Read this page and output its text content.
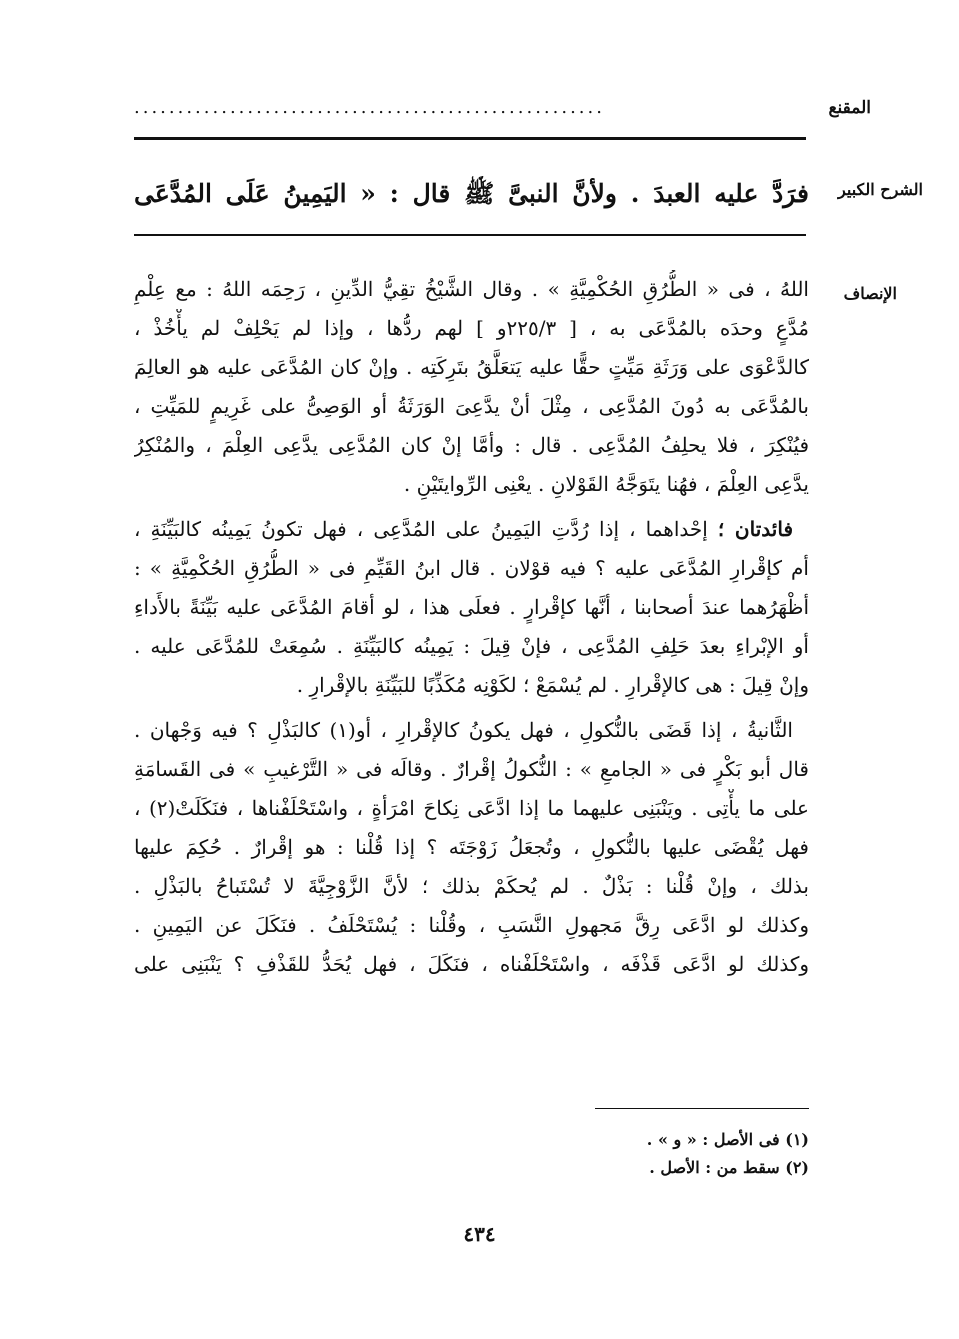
المقنع
......................................................
الشرح الكبير
فرَدَّ عليه العبدَ . ولأنَّ النبىَّ ﷺ قال : « اليَمِينُ عَلَى المُدَّعَى
الإنصاف
اللهُ ، فى « الطُّرُقِ الحُكْمِيَّةِ » . وقال الشَّيْخُ تقِيُّ الدِّينِ ، رَحِمَه اللهُ : مع عِلْمِ
مُدَّعٍ وحدَه بالمُدَّعَى به ، [ ٢٢٥/٣و ] لهم ردُّها ، وإذا لم يَحْلِفْ لم يأْخُذْ ،
كالدَّعْوَى على وَرَثَةِ مَيِّتٍ حقًّا عليه يَتعَلَّقُ بتَرِكَتِه . وإنْ كان المُدَّعَى عليه هو العالِمَ
بالمُدَّعَى به دُونَ المُدَّعِى ، مِثْلَ أنْ يدَّعِىَ الوَرَثَةُ أو الوَصِىُّ على غَرِيمٍ للمَيِّتِ ،
فيُنْكِرَ ، فلا يحلِفُ المُدَّعِى . قال : وأمَّا إنْ كان المُدَّعِى يدَّعِى العِلْمَ ، والمُنْكِرُ
يدَّعِى العِلْمَ ، فهُنا يتَوَجَّهُ القَوْلانِ . يعْنِى الرِّوايتَيْنِ .
فائدتان ؛ إحْداهما ، إذا رُدَّتِ اليَمِينُ على المُدَّعِى ، فهل تكونُ يَمِينُه كالبَيِّنَةِ ،
أم كإقْرارِ المُدَّعَى عليه ؟ فيه قوْلان . قال ابنُ القَيِّمِ فى « الطُّرُقِ الحُكْمِيَّةِ » :
أظْهَرُهما عندَ أصحابنا ، أنَّها كإقْرارٍ . فعلَى هذا ، لو أقامَ المُدَّعَى عليه بَيِّنَةً بالأَداءِ
أو الإبْراءِ بعدَ حَلِفِ المُدَّعِى ، فإنْ قِيلَ : يَمِينُه كالبَيِّنَةِ . سُمِعَتْ للمُدَّعَى عليه .
وإنْ قِيلَ : هى كالإقْرارِ . لم يُسْمَعْ ؛ لكَوْنِه مُكَذِّبًا للبَيِّنَةِ بالإقْرارِ .
الثَّانيةُ ، إذا قَضَى بالنُّكولِ ، فهل يكونُ كالإقْرارِ ، أو(١) كالبَذْلِ ؟ فيه وَجْهان .
قال أبو بَكْرٍ فى « الجامعِ » : النُّكولُ إقْرارٌ . وقالَه فى « التَّرْغيبِ » فى القَسامَةِ
على ما يأْتِى . ويَنْبَنِى عليهما ما إذا ادَّعَى نِكاحَ امْرَأةٍ ، واسْتَحْلَفْناها ، فنَكَلَتْ(٢) ،
فهل يُقْضَى عليها بالنُّكولِ ، وتُجعَلُ زَوْجَتَه ؟ إذا قُلْنا : هو إقْرارٌ . حُكِمَ عليها
بذلك ، وإنْ قُلْنا : بَذْلٌ . لم يُحكَمْ بذلك ؛ لأنَّ الزَّوْجِيَّةَ لا تُسْتَباحُ بالبَذْلِ .
وكذلك لو ادَّعَى رِقَّ مَجهولِ النَّسَبِ ، وقُلْنا : يُسْتَحْلَفُ . فنَكَلَ عن اليَمِينِ .
وكذلك لو ادَّعَى قَذْفَه ، واسْتَحْلَفْناه ، فنَكَلَ ، فهل يُحَدُّ للقَذْفِ ؟ يَنْبَنِى على
(١) فى الأصل : « و » .
(٢) سقط من : الأصل .
٤٣٤
